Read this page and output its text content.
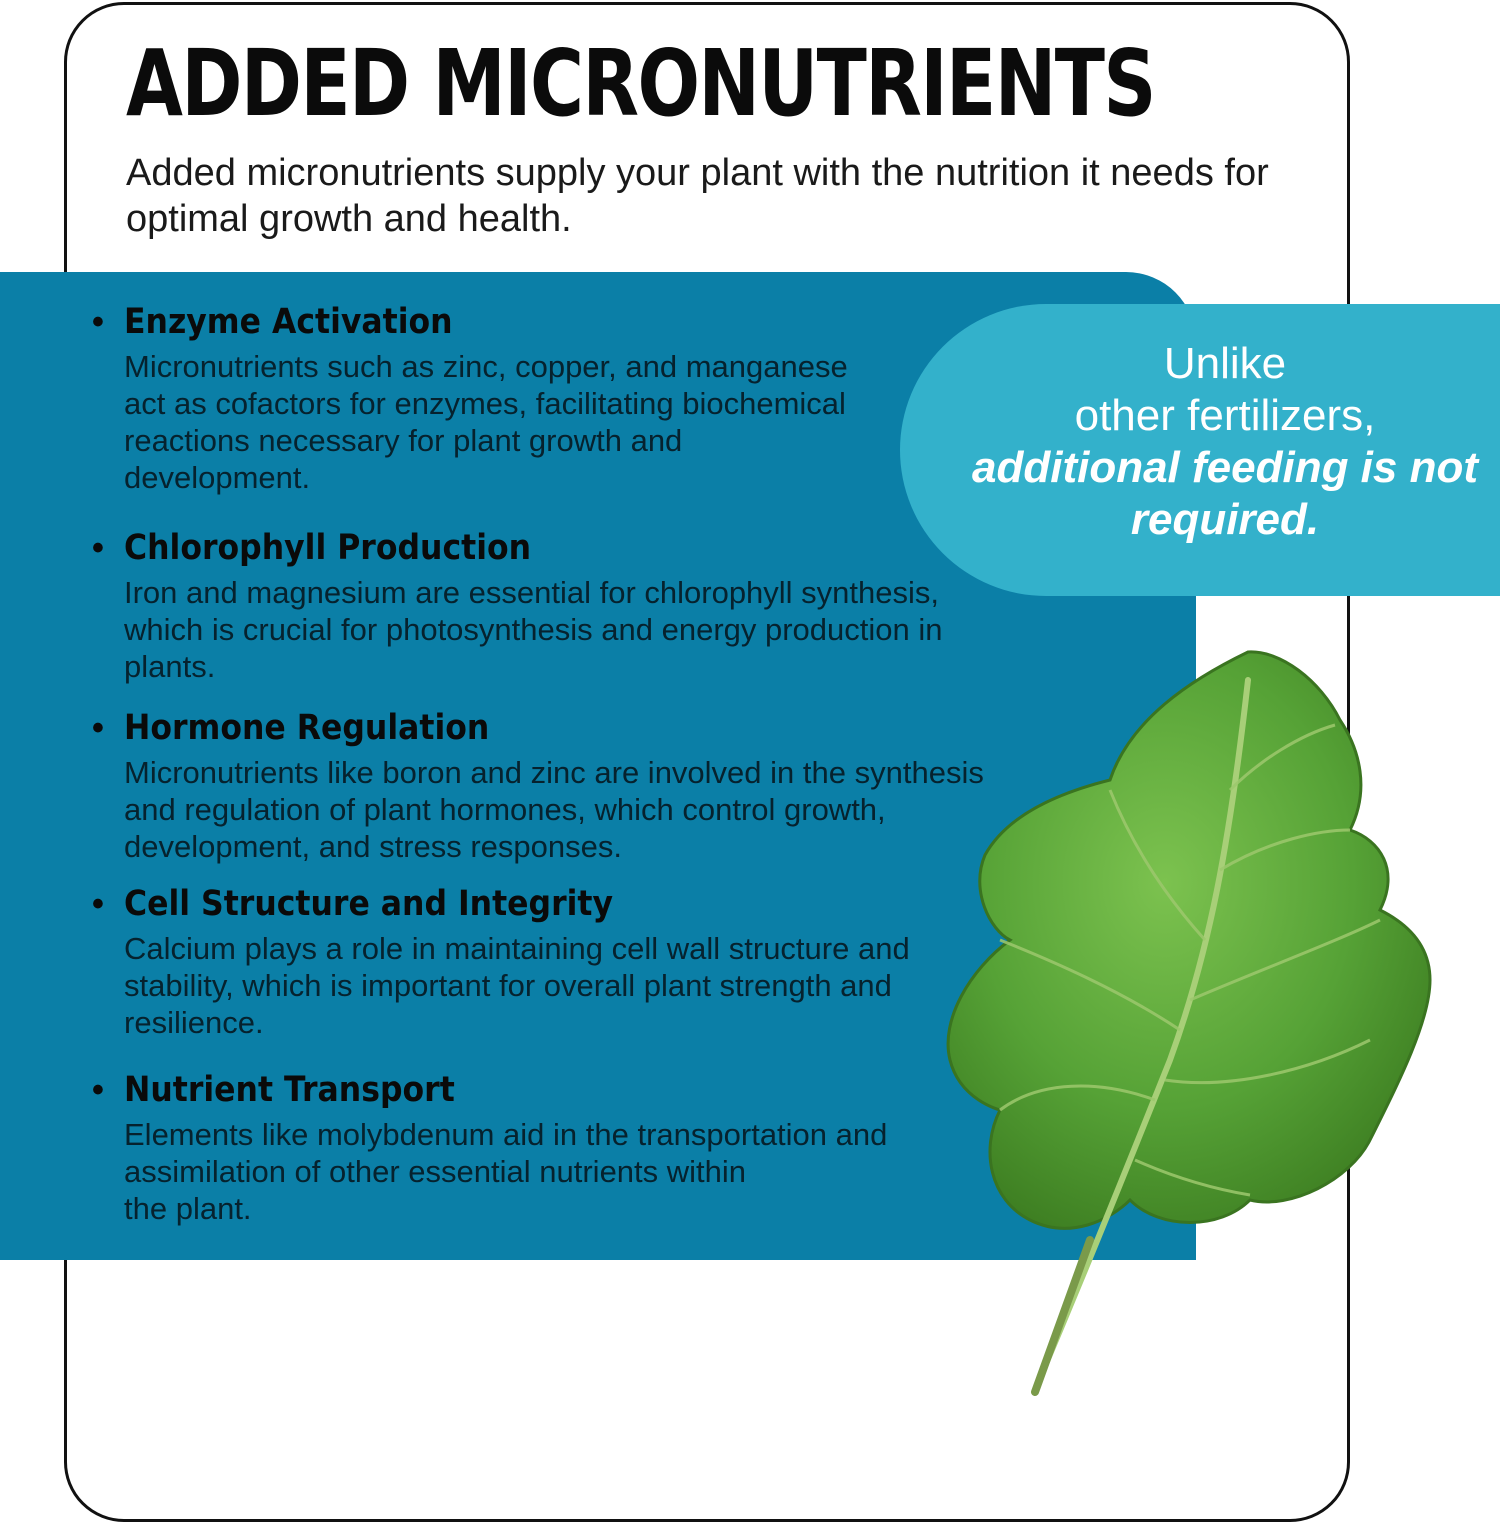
ADDED MICRONUTRIENTS

Added micronutrients supply your plant with the nutrition it needs for optimal growth and health.

• Enzyme Activation

Micronutrients such as zinc, copper, and manganese
act as cofactors for enzymes, facilitating biochemical
reactions necessary for plant growth and
development.

• Chlorophyll Production

Iron and magnesium are essential for chlorophyll synthesis,
which is crucial for photosynthesis and energy production in
plants.

• Hormone Regulation

Micronutrients like boron and zinc are involved in the synthesis
and regulation of plant hormones, which control growth,
development, and stress responses.

• Cell Structure and Integrity

Calcium plays a role in maintaining cell wall structure and
stability, which is important for overall plant strength and
resilience.

• Nutrient Transport

Elements like molybdenum aid in the transportation and
assimilation of other essential nutrients within
the plant.

Unlike
other fertilizers,
additional feeding is not required.
